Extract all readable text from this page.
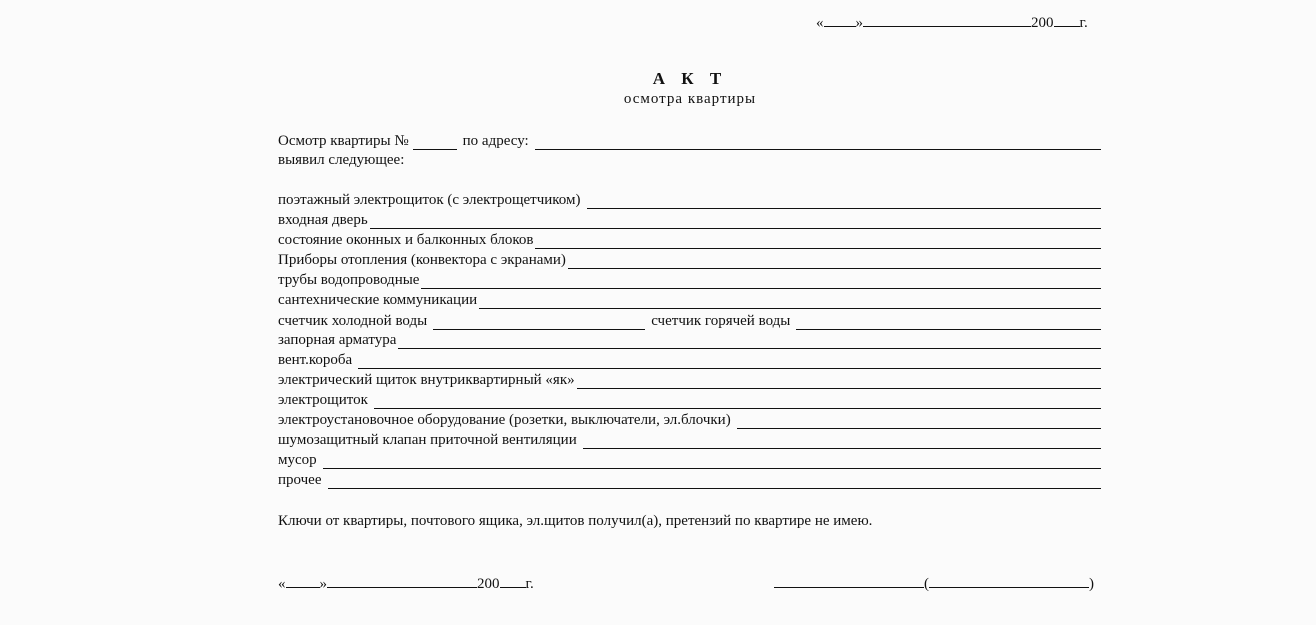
« »	200 г.
А К Т
осмотра квартиры
Осмотр квартиры №	по адресу:
выявил следующее:
поэтажный электрощиток (с электрощетчиком)
входная дверь
состояние оконных и балконных блоков
Приборы отопления (конвектора с экранами)
трубы водопроводные
сантехнические коммуникации
счетчик холодной воды	счетчик горячей воды
запорная арматура
вент.короба
электрический щиток внутриквартирный «як»
электрощиток
электроустановочное оборудование (розетки, выключатели, эл.блочки)
шумозащитный клапан приточной вентиляции
мусор
прочее
Ключи от квартиры, почтового ящика, эл.щитов получил(а), претензий по квартире не имею.
« »	200 г.	(	)
